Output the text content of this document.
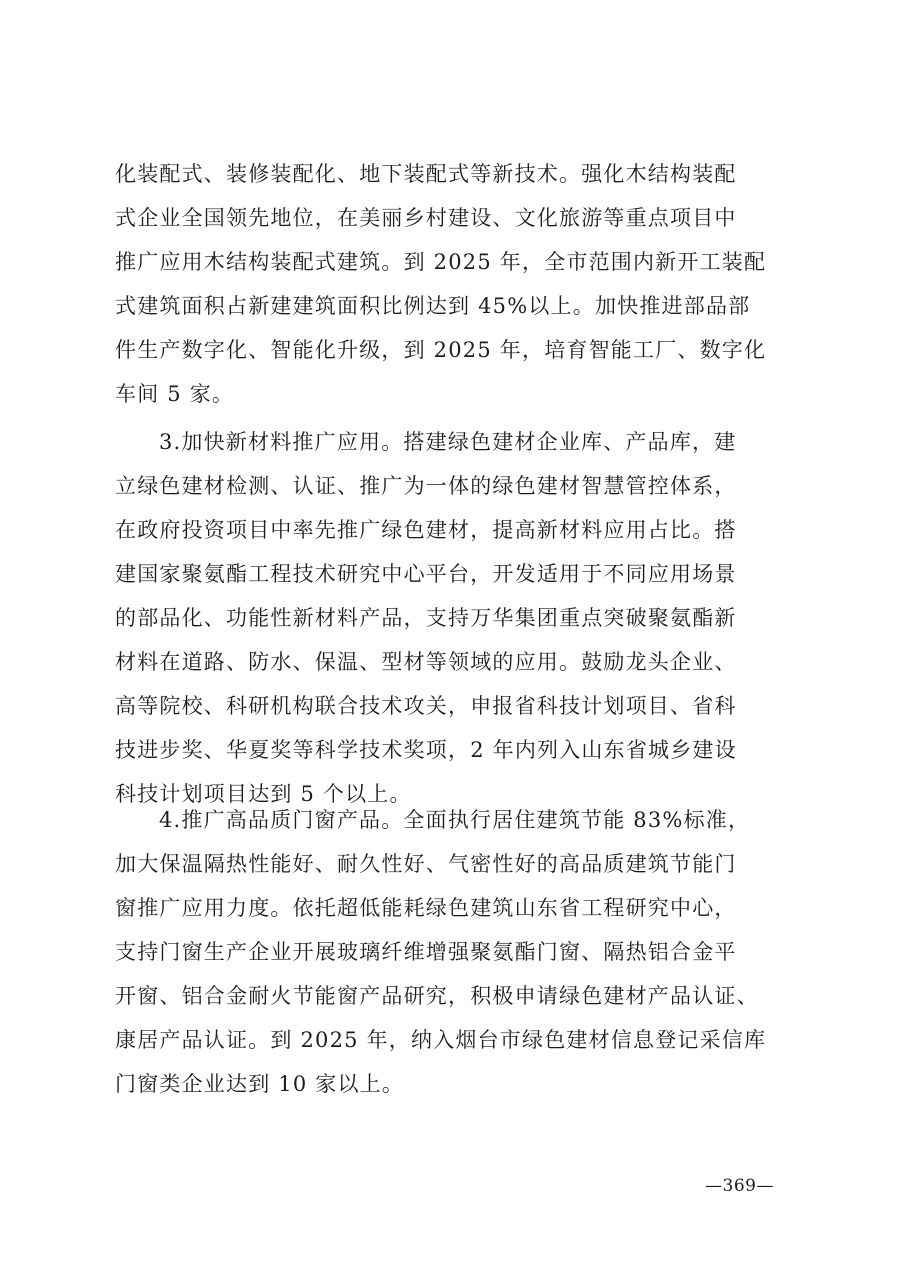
化装配式、装修装配化、地下装配式等新技术。强化木结构装配
式企业全国领先地位，在美丽乡村建设、文化旅游等重点项目中
推广应用木结构装配式建筑。到 2025 年，全市范围内新开工装配
式建筑面积占新建建筑面积比例达到 45%以上。加快推进部品部
件生产数字化、智能化升级，到 2025 年，培育智能工厂、数字化
车间 5 家。
3.加快新材料推广应用。搭建绿色建材企业库、产品库，建
立绿色建材检测、认证、推广为一体的绿色建材智慧管控体系，
在政府投资项目中率先推广绿色建材，提高新材料应用占比。搭
建国家聚氨酯工程技术研究中心平台，开发适用于不同应用场景
的部品化、功能性新材料产品，支持万华集团重点突破聚氨酯新
材料在道路、防水、保温、型材等领域的应用。鼓励龙头企业、
高等院校、科研机构联合技术攻关，申报省科技计划项目、省科
技进步奖、华夏奖等科学技术奖项，2 年内列入山东省城乡建设
科技计划项目达到 5 个以上。
4.推广高品质门窗产品。全面执行居住建筑节能 83%标准，
加大保温隔热性能好、耐久性好、气密性好的高品质建筑节能门
窗推广应用力度。依托超低能耗绿色建筑山东省工程研究中心，
支持门窗生产企业开展玻璃纤维增强聚氨酯门窗、隔热铝合金平
开窗、铝合金耐火节能窗产品研究，积极申请绿色建材产品认证、
康居产品认证。到 2025 年，纳入烟台市绿色建材信息登记采信库
门窗类企业达到 10 家以上。
—369—
